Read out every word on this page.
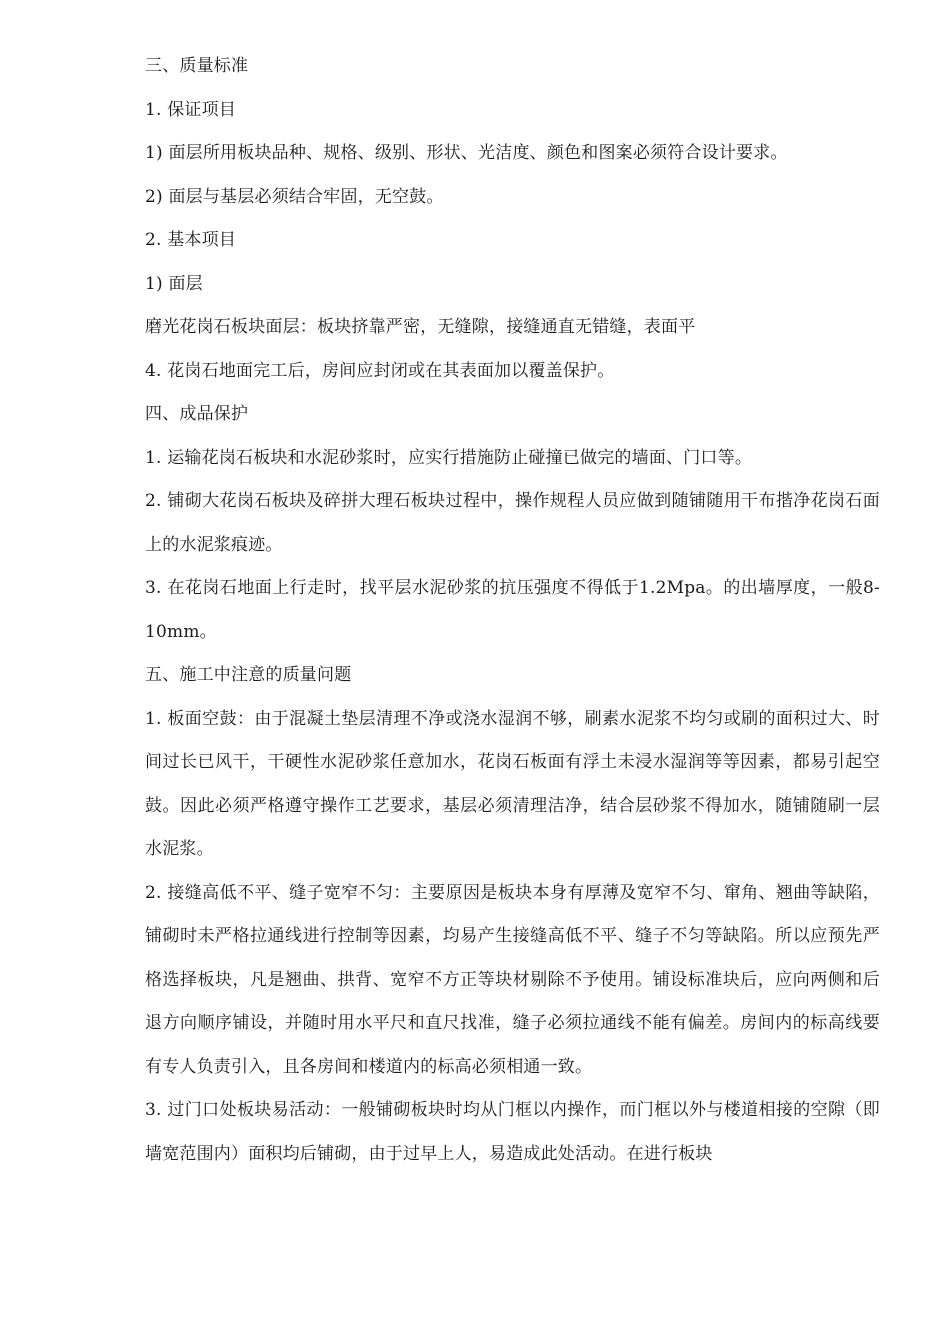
三、质量标准

1. 保证项目

1) 面层所用板块品种、规格、级别、形状、光洁度、颜色和图案必须符合设计要求。

2) 面层与基层必须结合牢固，无空鼓。

2. 基本项目

1) 面层

磨光花岗石板块面层：板块挤靠严密，无缝隙，接缝通直无错缝，表面平

4. 花岗石地面完工后，房间应封闭或在其表面加以覆盖保护。

四、成品保护

1. 运输花岗石板块和水泥砂浆时，应实行措施防止碰撞已做完的墙面、门口等。

2. 铺砌大花岗石板块及碎拼大理石板块过程中，操作规程人员应做到随铺随用干布揩净花岗石面上的水泥浆痕迹。

3. 在花岗石地面上行走时，找平层水泥砂浆的抗压强度不得低于1.2Mpa。的出墙厚度，一般8-10mm。

五、施工中注意的质量问题

1. 板面空鼓：由于混凝土垫层清理不净或浇水湿润不够，刷素水泥浆不均匀或刷的面积过大、时间过长已风干，干硬性水泥砂浆任意加水，花岗石板面有浮土未浸水湿润等等因素，都易引起空鼓。因此必须严格遵守操作工艺要求，基层必须清理洁净，结合层砂浆不得加水，随铺随刷一层水泥浆。

2. 接缝高低不平、缝子宽窄不匀：主要原因是板块本身有厚薄及宽窄不匀、窜角、翘曲等缺陷，铺砌时未严格拉通线进行控制等因素，均易产生接缝高低不平、缝子不匀等缺陷。所以应预先严格选择板块，凡是翘曲、拱背、宽窄不方正等块材剔除不予使用。铺设标准块后，应向两侧和后退方向顺序铺设，并随时用水平尺和直尺找准，缝子必须拉通线不能有偏差。房间内的标高线要有专人负责引入，且各房间和楼道内的标高必须相通一致。

3. 过门口处板块易活动：一般铺砌板块时均从门框以内操作，而门框以外与楼道相接的空隙（即墙宽范围内）面积均后铺砌，由于过早上人，易造成此处活动。在进行板块
